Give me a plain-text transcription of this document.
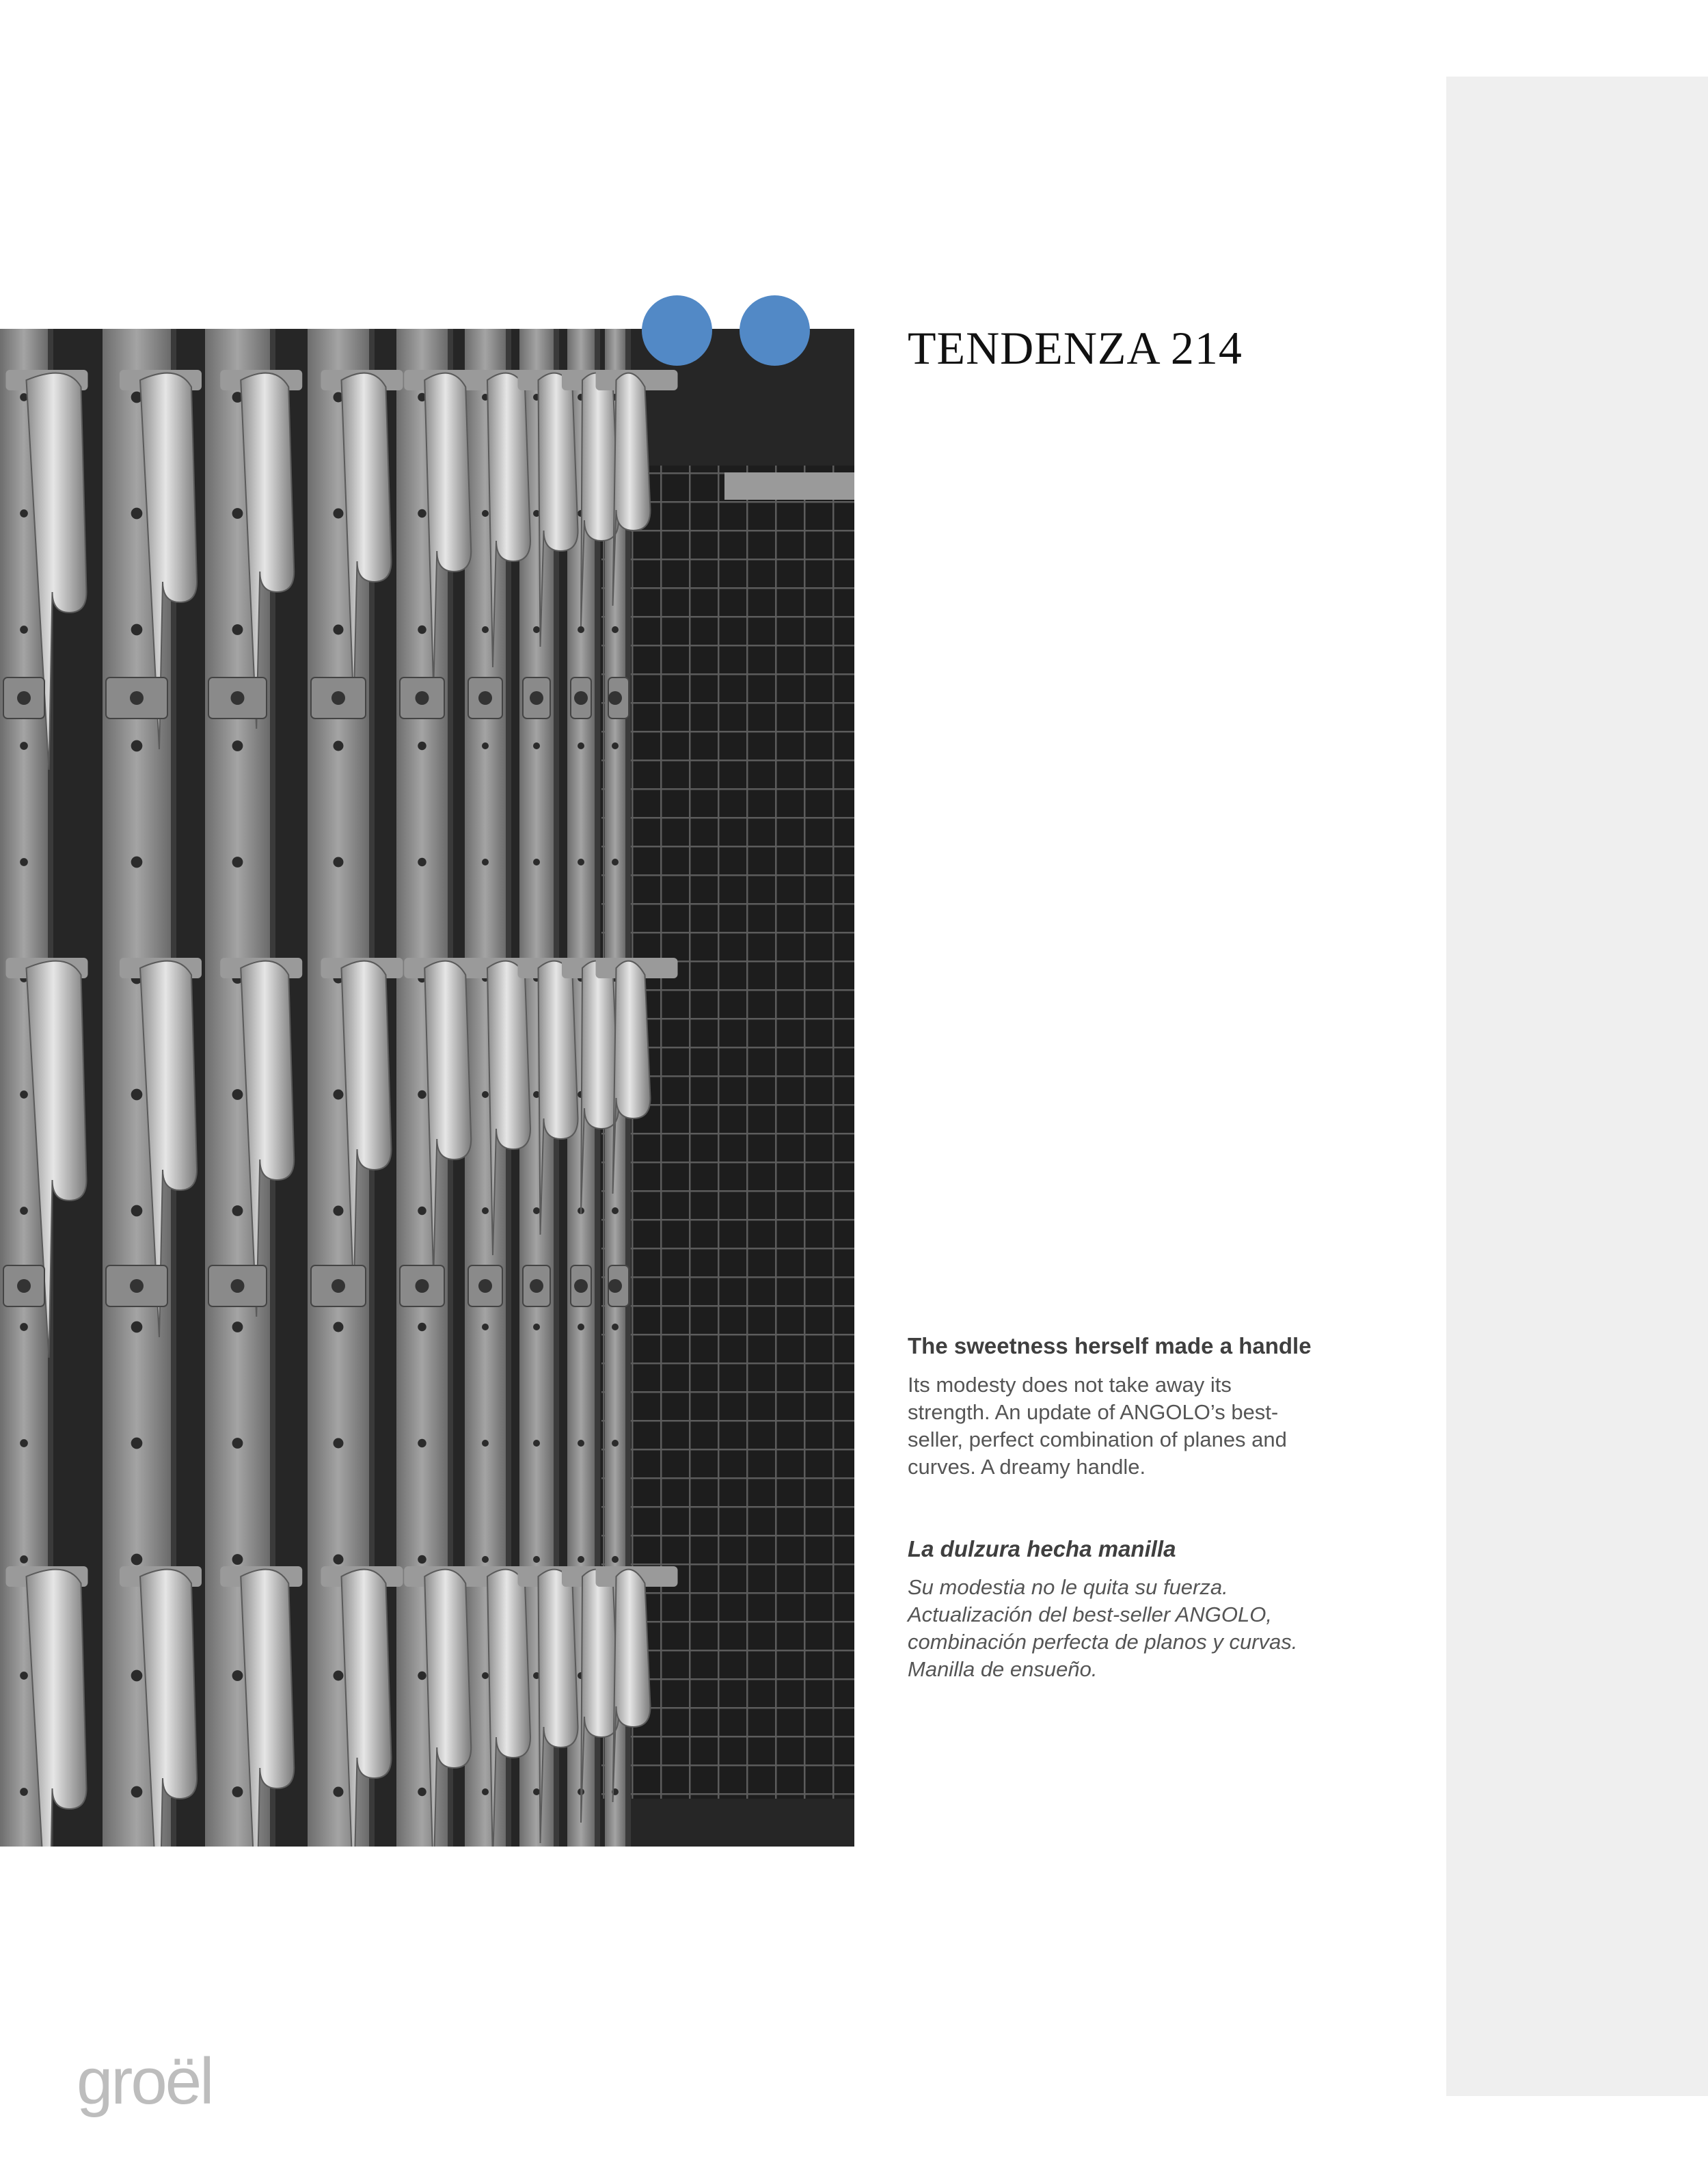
TENDENZA 214
The sweetness herself made a handle

Its modesty does not take away its
strength. An update of ANGOLO’s best-
seller, perfect combination of planes and
curves. A dreamy handle.

La dulzura hecha manilla

Su modestia no le quita su fuerza.
Actualización del best-seller ANGOLO,
combinación perfecta de planos y curvas.
Manilla de ensueño.

groël
